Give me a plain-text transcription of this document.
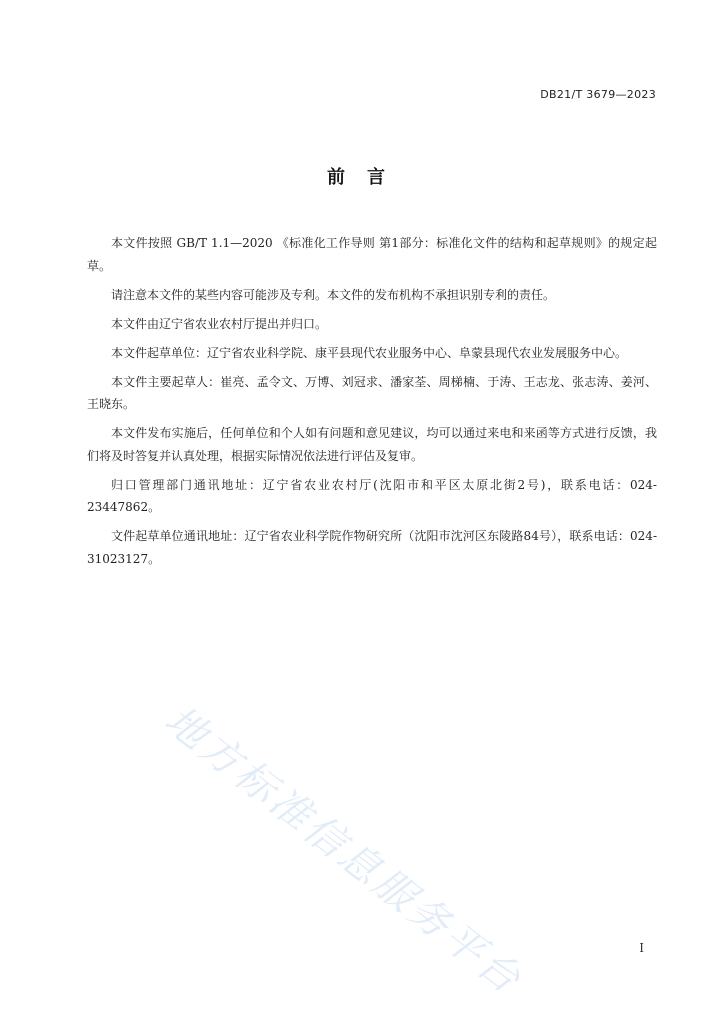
DB21/T 3679—2023
前言

本文件按照 GB/T 1.1—2020 《标准化工作导则 第1部分：标准化文件的结构和起草规则》的规定起草。

请注意本文件的某些内容可能涉及专利。本文件的发布机构不承担识别专利的责任。

本文件由辽宁省农业农村厅提出并归口。

本文件起草单位：辽宁省农业科学院、康平县现代农业服务中心、阜蒙县现代农业发展服务中心。

本文件主要起草人：崔亮、孟令文、万博、刘冠求、潘家荃、周梯楠、于涛、王志龙、张志涛、姜河、王晓东。

本文件发布实施后，任何单位和个人如有问题和意见建议，均可以通过来电和来函等方式进行反馈，我们将及时答复并认真处理，根据实际情况依法进行评估及复审。

归口管理部门通讯地址：辽宁省农业农村厅(沈阳市和平区太原北街2号)，联系电话：024-23447862。

文件起草单位通讯地址：辽宁省农业科学院作物研究所（沈阳市沈河区东陵路84号），联系电话：024-31023127。

地方标准信息服务平台	I
